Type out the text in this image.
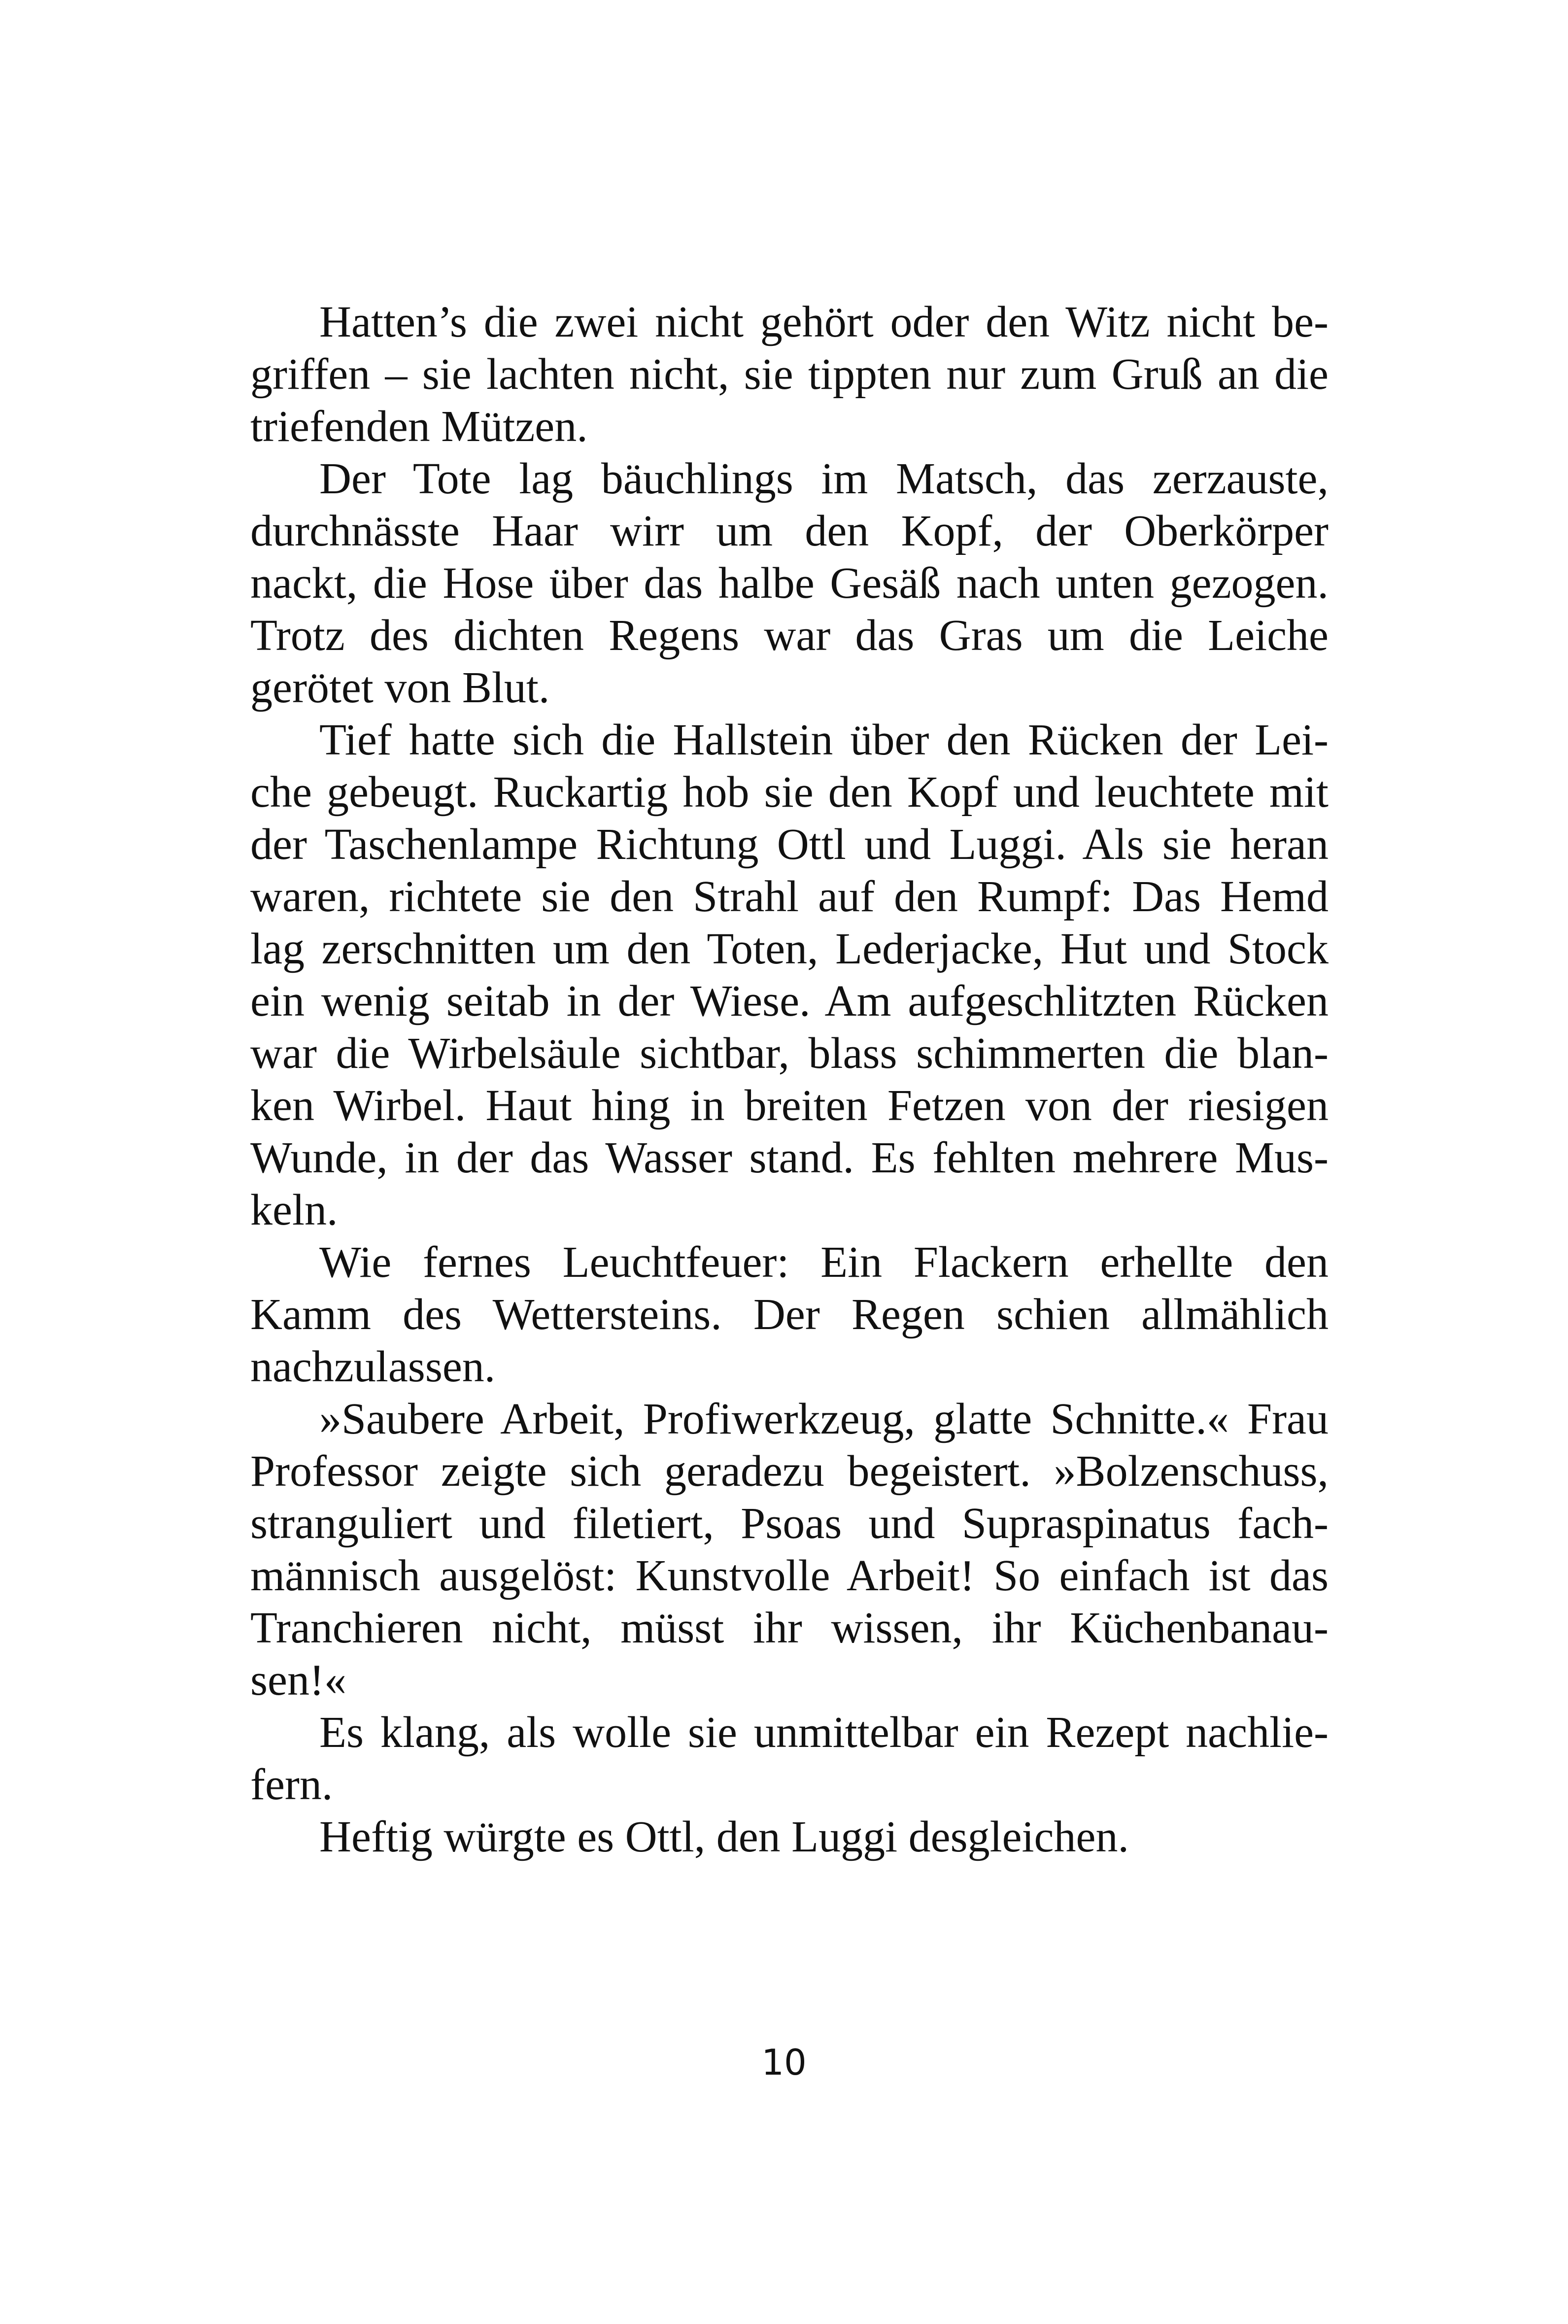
Hatten’s die zwei nicht gehört oder den Witz nicht be-
griffen – sie lachten nicht, sie tippten nur zum Gruß an die
triefenden Mützen.
Der Tote lag bäuchlings im Matsch, das zerzauste,
durchnässte Haar wirr um den Kopf, der Oberkörper
nackt, die Hose über das halbe Gesäß nach unten gezogen.
Trotz des dichten Regens war das Gras um die Leiche
gerötet von Blut.
Tief hatte sich die Hallstein über den Rücken der Lei-
che gebeugt. Ruckartig hob sie den Kopf und leuchtete mit
der Taschenlampe Richtung Ottl und Luggi. Als sie heran
waren, richtete sie den Strahl auf den Rumpf: Das Hemd
lag zerschnitten um den Toten, Lederjacke, Hut und Stock
ein wenig seitab in der Wiese. Am aufgeschlitzten Rücken
war die Wirbelsäule sichtbar, blass schimmerten die blan-
ken Wirbel. Haut hing in breiten Fetzen von der riesigen
Wunde, in der das Wasser stand. Es fehlten mehrere Mus-
keln.
Wie fernes Leuchtfeuer: Ein Flackern erhellte den
Kamm des Wettersteins. Der Regen schien allmählich
nachzulassen.
»Saubere Arbeit, Profiwerkzeug, glatte Schnitte.« Frau
Professor zeigte sich geradezu begeistert. »Bolzenschuss,
stranguliert und filetiert, Psoas und Supraspinatus fach-
männisch ausgelöst: Kunstvolle Arbeit! So einfach ist das
Tranchieren nicht, müsst ihr wissen, ihr Küchenbanau-
sen!«
Es klang, als wolle sie unmittelbar ein Rezept nachlie-
fern.
Heftig würgte es Ottl, den Luggi desgleichen.
10
